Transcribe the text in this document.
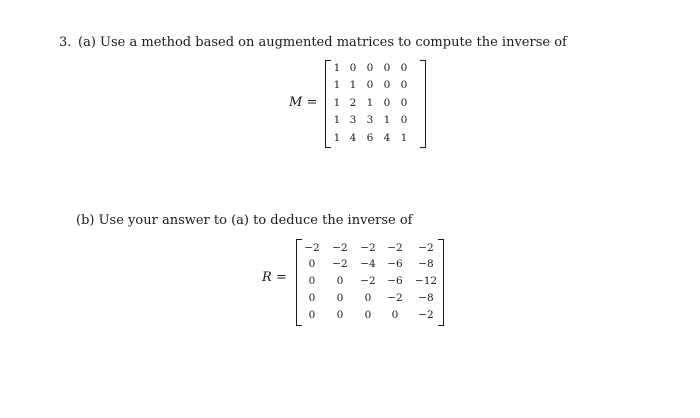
3. (a) Use a method based on augmented matrices to compute the inverse of
M =
1 0 0 0 0
1 1 0 0 0
1 2 1 0 0
1 3 3 1 0
1 4 6 4 1
(b) Use your answer to (a) to deduce the inverse of
R =
−2	−2	−2	−2	−2
0	−2	−4	−6	−8
0	0	−2	−6	−12
0	0	0	−2	−8
0	0	0	0	−2
